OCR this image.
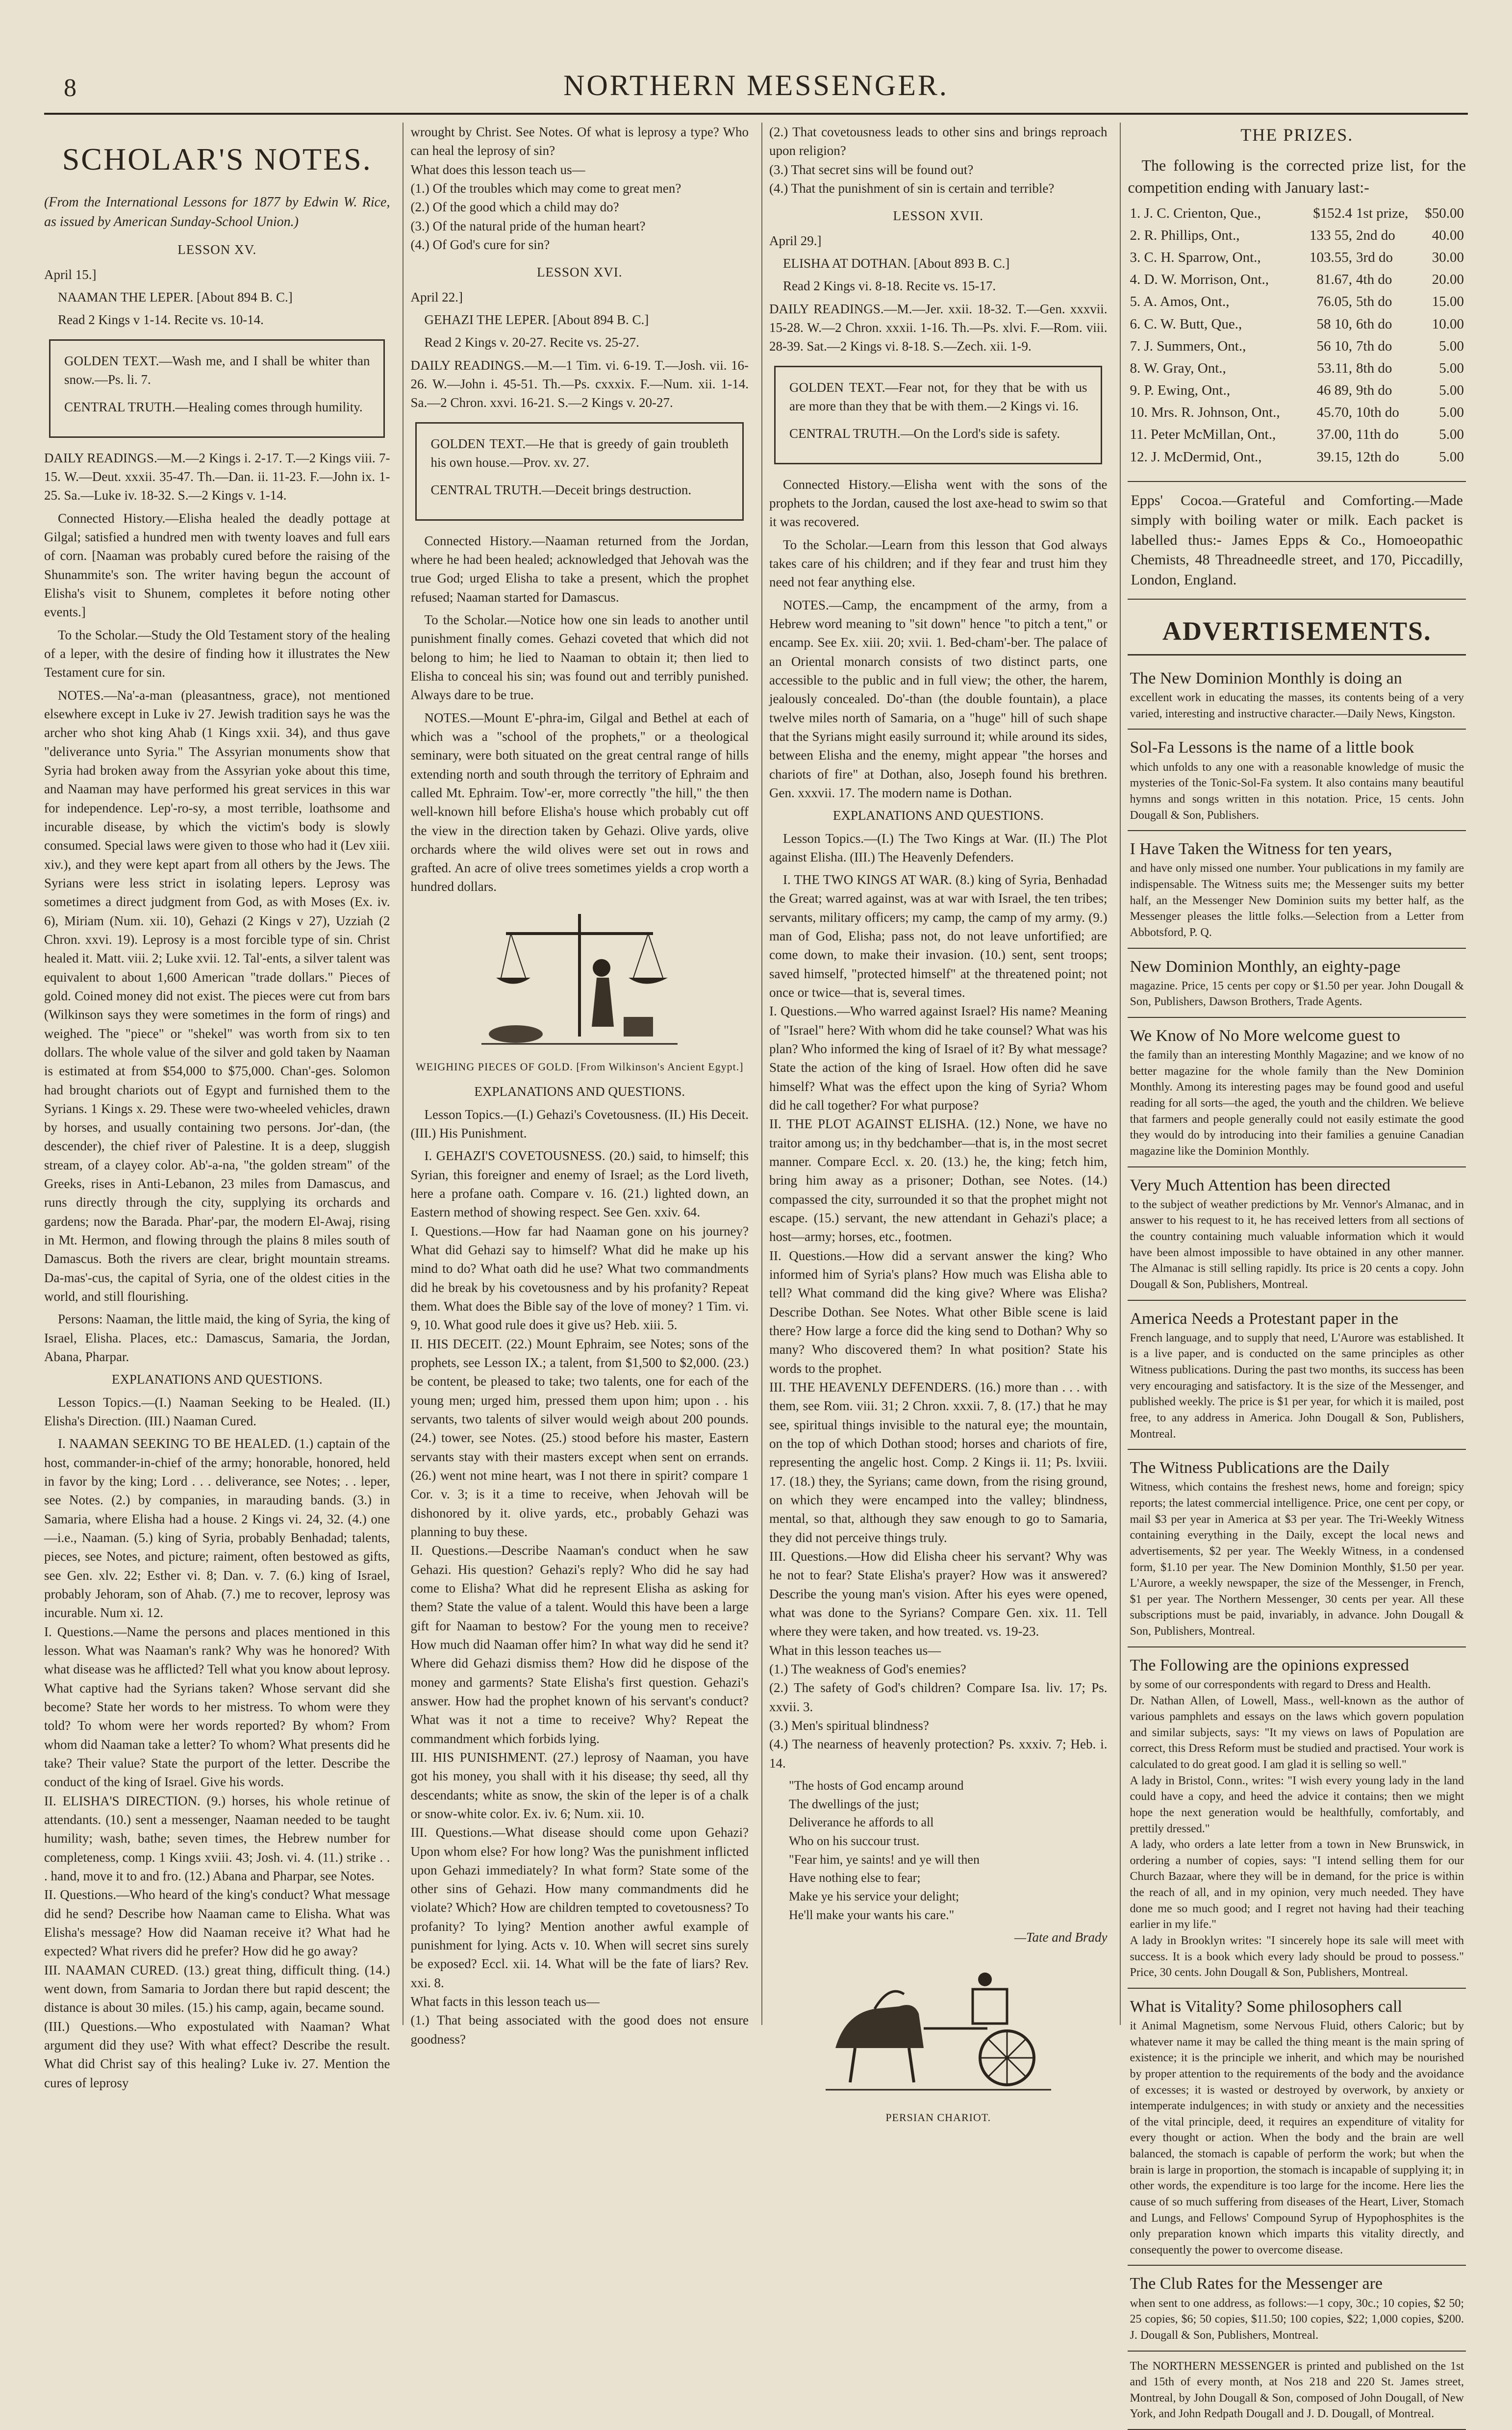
8	NORTHERN MESSENGER.
SCHOLAR'S NOTES.

(From the International Lessons for 1877 by Edwin W. Rice, as issued by American Sunday-School Union.)

LESSON XV.

April 15.]

NAAMAN THE LEPER. [About 894 B. C.]

Read 2 Kings v 1-14. Recite vs. 10-14.

GOLDEN TEXT.—Wash me, and I shall be whiter than snow.—Ps. li. 7.

CENTRAL TRUTH.—Healing comes through humility.

DAILY READINGS.—M.—2 Kings i. 2-17. T.—2 Kings viii. 7-15. W.—Deut. xxxii. 35-47. Th.—Dan. ii. 11-23. F.—John ix. 1-25. Sa.—Luke iv. 18-32. S.—2 Kings v. 1-14.

Connected History.—Elisha healed the deadly pottage at Gilgal; satisfied a hundred men with twenty loaves and full ears of corn. [Naaman was probably cured before the raising of the Shunammite's son. The writer having begun the account of Elisha's visit to Shunem, completes it before noting other events.]

To the Scholar.—Study the Old Testament story of the healing of a leper, with the desire of finding how it illustrates the New Testament cure for sin.

NOTES.—Na'-a-man (pleasantness, grace), not mentioned elsewhere except in Luke iv 27. Jewish tradition says he was the archer who shot king Ahab (1 Kings xxii. 34), and thus gave "deliverance unto Syria." The Assyrian monuments show that Syria had broken away from the Assyrian yoke about this time, and Naaman may have performed his great services in this war for independence. Lep'-ro-sy, a most terrible, loathsome and incurable disease, by which the victim's body is slowly consumed. Special laws were given to those who had it (Lev xiii. xiv.), and they were kept apart from all others by the Jews. The Syrians were less strict in isolating lepers. Leprosy was sometimes a direct judgment from God, as with Moses (Ex. iv. 6), Miriam (Num. xii. 10), Gehazi (2 Kings v 27), Uzziah (2 Chron. xxvi. 19). Leprosy is a most forcible type of sin. Christ healed it. Matt. viii. 2; Luke xvii. 12. Tal'-ents, a silver talent was equivalent to about 1,600 American "trade dollars." Pieces of gold. Coined money did not exist. The pieces were cut from bars (Wilkinson says they were sometimes in the form of rings) and weighed. The "piece" or "shekel" was worth from six to ten dollars. The whole value of the silver and gold taken by Naaman is estimated at from $54,000 to $75,000. Chan'-ges. Solomon had brought chariots out of Egypt and furnished them to the Syrians. 1 Kings x. 29. These were two-wheeled vehicles, drawn by horses, and usually containing two persons. Jor'-dan, (the descender), the chief river of Palestine. It is a deep, sluggish stream, of a clayey color. Ab'-a-na, "the golden stream" of the Greeks, rises in Anti-Lebanon, 23 miles from Damascus, and runs directly through the city, supplying its orchards and gardens; now the Barada. Phar'-par, the modern El-Awaj, rising in Mt. Hermon, and flowing through the plains 8 miles south of Damascus. Both the rivers are clear, bright mountain streams. Da-mas'-cus, the capital of Syria, one of the oldest cities in the world, and still flourishing.

Persons: Naaman, the little maid, the king of Syria, the king of Israel, Elisha. Places, etc.: Damascus, Samaria, the Jordan, Abana, Pharpar.

EXPLANATIONS AND QUESTIONS.

Lesson Topics.—(I.) Naaman Seeking to be Healed. (II.) Elisha's Direction. (III.) Naaman Cured.

I. NAAMAN SEEKING TO BE HEALED. (1.) captain of the host, commander-in-chief of the army; honorable, honored, held in favor by the king; Lord . . . deliverance, see Notes; . . leper, see Notes. (2.) by companies, in marauding bands. (3.) in Samaria, where Elisha had a house. 2 Kings vi. 24, 32. (4.) one—i.e., Naaman. (5.) king of Syria, probably Benhadad; talents, pieces, see Notes, and picture; raiment, often bestowed as gifts, see Gen. xlv. 22; Esther vi. 8; Dan. v. 7. (6.) king of Israel, probably Jehoram, son of Ahab. (7.) me to recover, leprosy was incurable. Num xi. 12.
I. Questions.—Name the persons and places mentioned in this lesson. What was Naaman's rank? Why was he honored? With what disease was he afflicted? Tell what you know about leprosy. What captive had the Syrians taken? Whose servant did she become? State her words to her mistress. To whom were they told? To whom were her words reported? By whom? From whom did Naaman take a letter? To whom? What presents did he take? Their value? State the purport of the letter. Describe the conduct of the king of Israel. Give his words.
II. ELISHA'S DIRECTION. (9.) horses, his whole retinue of attendants. (10.) sent a messenger, Naaman needed to be taught humility; wash, bathe; seven times, the Hebrew number for completeness, comp. 1 Kings xviii. 43; Josh. vi. 4. (11.) strike . . . hand, move it to and fro. (12.) Abana and Pharpar, see Notes.
II. Questions.—Who heard of the king's conduct? What message did he send? Describe how Naaman came to Elisha. What was Elisha's message? How did Naaman receive it? What had he expected? What rivers did he prefer? How did he go away?
III. NAAMAN CURED. (13.) great thing, difficult thing. (14.) went down, from Samaria to Jordan there but rapid descent; the distance is about 30 miles. (15.) his camp, again, became sound.
(III.) Questions.—Who expostulated with Naaman? What argument did they use? With what effect? Describe the result. What did Christ say of this healing? Luke iv. 27. Mention the cures of leprosy

wrought by Christ. See Notes. Of what is leprosy a type? Who can heal the leprosy of sin?
What does this lesson teach us—
(1.) Of the troubles which may come to great men?
(2.) Of the good which a child may do?
(3.) Of the natural pride of the human heart?
(4.) Of God's cure for sin?

LESSON XVI.

April 22.]

GEHAZI THE LEPER. [About 894 B. C.]

Read 2 Kings v. 20-27. Recite vs. 25-27.

DAILY READINGS.—M.—1 Tim. vi. 6-19. T.—Josh. vii. 16-26. W.—John i. 45-51. Th.—Ps. cxxxix. F.—Num. xii. 1-14. Sa.—2 Chron. xxvi. 16-21. S.—2 Kings v. 20-27.

GOLDEN TEXT.—He that is greedy of gain troubleth his own house.—Prov. xv. 27.

CENTRAL TRUTH.—Deceit brings destruction.

Connected History.—Naaman returned from the Jordan, where he had been healed; acknowledged that Jehovah was the true God; urged Elisha to take a present, which the prophet refused; Naaman started for Damascus.

To the Scholar.—Notice how one sin leads to another until punishment finally comes. Gehazi coveted that which did not belong to him; he lied to Naaman to obtain it; then lied to Elisha to conceal his sin; was found out and terribly punished. Always dare to be true.

NOTES.—Mount E'-phra-im, Gilgal and Bethel at each of which was a "school of the prophets," or a theological seminary, were both situated on the great central range of hills extending north and south through the territory of Ephraim and called Mt. Ephraim. Tow'-er, more correctly "the hill," the then well-known hill before Elisha's house which probably cut off the view in the direction taken by Gehazi. Olive yards, olive orchards where the wild olives were set out in rows and grafted. An acre of olive trees sometimes yields a crop worth a hundred dollars.

WEIGHING PIECES OF GOLD. [From Wilkinson's Ancient Egypt.]

EXPLANATIONS AND QUESTIONS.

Lesson Topics.—(I.) Gehazi's Covetousness. (II.) His Deceit. (III.) His Punishment.

I. GEHAZI'S COVETOUSNESS. (20.) said, to himself; this Syrian, this foreigner and enemy of Israel; as the Lord liveth, here a profane oath. Compare v. 16. (21.) lighted down, an Eastern method of showing respect. See Gen. xxiv. 64.
I. Questions.—How far had Naaman gone on his journey? What did Gehazi say to himself? What did he make up his mind to do? What oath did he use? What two commandments did he break by his covetousness and by his profanity? Repeat them. What does the Bible say of the love of money? 1 Tim. vi. 9, 10. What good rule does it give us? Heb. xiii. 5.
II. HIS DECEIT. (22.) Mount Ephraim, see Notes; sons of the prophets, see Lesson IX.; a talent, from $1,500 to $2,000. (23.) be content, be pleased to take; two talents, one for each of the young men; urged him, pressed them upon him; upon . . his servants, two talents of silver would weigh about 200 pounds. (24.) tower, see Notes. (25.) stood before his master, Eastern servants stay with their masters except when sent on errands. (26.) went not mine heart, was I not there in spirit? compare 1 Cor. v. 3; is it a time to receive, when Jehovah will be dishonored by it. olive yards, etc., probably Gehazi was planning to buy these.
II. Questions.—Describe Naaman's conduct when he saw Gehazi. His question? Gehazi's reply? Who did he say had come to Elisha? What did he represent Elisha as asking for them? State the value of a talent. Would this have been a large gift for Naaman to bestow? For the young men to receive? How much did Naaman offer him? In what way did he send it? Where did Gehazi dismiss them? How did he dispose of the money and garments? State Elisha's first question. Gehazi's answer. How had the prophet known of his servant's conduct? What was it not a time to receive? Why? Repeat the commandment which forbids lying.
III. HIS PUNISHMENT. (27.) leprosy of Naaman, you have got his money, you shall with it his disease; thy seed, all thy descendants; white as snow, the skin of the leper is of a chalk or snow-white color. Ex. iv. 6; Num. xii. 10.
III. Questions.—What disease should come upon Gehazi? Upon whom else? For how long? Was the punishment inflicted upon Gehazi immediately? In what form? State some of the other sins of Gehazi. How many commandments did he violate? Which? How are children tempted to covetousness? To profanity? To lying? Mention another awful example of punishment for lying. Acts v. 10. When will secret sins surely be exposed? Eccl. xii. 14. What will be the fate of liars? Rev. xxi. 8.
What facts in this lesson teach us—
(1.) That being associated with the good does not ensure goodness?

(2.) That covetousness leads to other sins and brings reproach upon religion?
(3.) That secret sins will be found out?
(4.) That the punishment of sin is certain and terrible?

LESSON XVII.

April 29.]

ELISHA AT DOTHAN. [About 893 B. C.]

Read 2 Kings vi. 8-18. Recite vs. 15-17.

DAILY READINGS.—M.—Jer. xxii. 18-32. T.—Gen. xxxvii. 15-28. W.—2 Chron. xxxii. 1-16. Th.—Ps. xlvi. F.—Rom. viii. 28-39. Sat.—2 Kings vi. 8-18. S.—Zech. xii. 1-9.

GOLDEN TEXT.—Fear not, for they that be with us are more than they that be with them.—2 Kings vi. 16.

CENTRAL TRUTH.—On the Lord's side is safety.

Connected History.—Elisha went with the sons of the prophets to the Jordan, caused the lost axe-head to swim so that it was recovered.

To the Scholar.—Learn from this lesson that God always takes care of his children; and if they fear and trust him they need not fear anything else.

NOTES.—Camp, the encampment of the army, from a Hebrew word meaning to "sit down" hence "to pitch a tent," or encamp. See Ex. xiii. 20; xvii. 1. Bed-cham'-ber. The palace of an Oriental monarch consists of two distinct parts, one accessible to the public and in full view; the other, the harem, jealously concealed. Do'-than (the double fountain), a place twelve miles north of Samaria, on a "huge" hill of such shape that the Syrians might easily surround it; while around its sides, between Elisha and the enemy, might appear "the horses and chariots of fire" at Dothan, also, Joseph found his brethren. Gen. xxxvii. 17. The modern name is Dothan.

EXPLANATIONS AND QUESTIONS.

Lesson Topics.—(I.) The Two Kings at War. (II.) The Plot against Elisha. (III.) The Heavenly Defenders.

I. THE TWO KINGS AT WAR. (8.) king of Syria, Benhadad the Great; warred against, was at war with Israel, the ten tribes; servants, military officers; my camp, the camp of my army. (9.) man of God, Elisha; pass not, do not leave unfortified; are come down, to make their invasion. (10.) sent, sent troops; saved himself, "protected himself" at the threatened point; not once or twice—that is, several times.
I. Questions.—Who warred against Israel? His name? Meaning of "Israel" here? With whom did he take counsel? What was his plan? Who informed the king of Israel of it? By what message? State the action of the king of Israel. How often did he save himself? What was the effect upon the king of Syria? Whom did he call together? For what purpose?
II. THE PLOT AGAINST ELISHA. (12.) None, we have no traitor among us; in thy bedchamber—that is, in the most secret manner. Compare Eccl. x. 20. (13.) he, the king; fetch him, bring him away as a prisoner; Dothan, see Notes. (14.) compassed the city, surrounded it so that the prophet might not escape. (15.) servant, the new attendant in Gehazi's place; a host—army; horses, etc., footmen.
II. Questions.—How did a servant answer the king? Who informed him of Syria's plans? How much was Elisha able to tell? What command did the king give? Where was Elisha? Describe Dothan. See Notes. What other Bible scene is laid there? How large a force did the king send to Dothan? Why so many? Who discovered them? In what position? State his words to the prophet.
III. THE HEAVENLY DEFENDERS. (16.) more than . . . with them, see Rom. viii. 31; 2 Chron. xxxii. 7, 8. (17.) that he may see, spiritual things invisible to the natural eye; the mountain, on the top of which Dothan stood; horses and chariots of fire, representing the angelic host. Comp. 2 Kings ii. 11; Ps. lxviii. 17. (18.) they, the Syrians; came down, from the rising ground, on which they were encamped into the valley; blindness, mental, so that, although they saw enough to go to Samaria, they did not perceive things truly.
III. Questions.—How did Elisha cheer his servant? Why was he not to fear? State Elisha's prayer? How was it answered? Describe the young man's vision. After his eyes were opened, what was done to the Syrians? Compare Gen. xix. 11. Tell where they were taken, and how treated. vs. 19-23.
What in this lesson teaches us—
(1.) The weakness of God's enemies?
(2.) The safety of God's children? Compare Isa. liv. 17; Ps. xxvii. 3.
(3.) Men's spiritual blindness?
(4.) The nearness of heavenly protection? Ps. xxxiv. 7; Heb. i. 14.

"The hosts of God encamp around
The dwellings of the just;
Deliverance he affords to all
Who on his succour trust.
"Fear him, ye saints! and ye will then
Have nothing else to fear;
Make ye his service your delight;
He'll make your wants his care."

—Tate and Brady

PERSIAN CHARIOT.
THE PRIZES.

The following is the corrected prize list, for the competition ending with January last:-

1. J. C. Crienton, Que.,	$152.4	1st prize,	$50.00
2. R. Phillips, Ont.,	133 55,	2nd do	40.00
3. C. H. Sparrow, Ont.,	103.55,	3rd do	30.00
4. D. W. Morrison, Ont.,	81.67,	4th do	20.00
5. A. Amos, Ont.,	76.05,	5th do	15.00
6. C. W. Butt, Que.,	58 10,	6th do	10.00
7. J. Summers, Ont.,	56 10,	7th do	5.00
8. W. Gray, Ont.,	53.11,	8th do	5.00
9. P. Ewing, Ont.,	46 89,	9th do	5.00
10. Mrs. R. Johnson, Ont.,	45.70,	10th do	5.00
11. Peter McMillan, Ont.,	37.00,	11th do	5.00
12. J. McDermid, Ont.,	39.15,	12th do	5.00
Epps' Cocoa.—Grateful and Comforting.—Made simply with boiling water or milk. Each packet is labelled thus:- James Epps & Co., Homoeopathic Chemists, 48 Threadneedle street, and 170, Piccadilly, London, England.
ADVERTISEMENTS.

The New Dominion Monthly is doing an

excellent work in educating the masses, its contents being of a very varied, interesting and instructive character.—Daily News, Kingston.

Sol-Fa Lessons is the name of a little book

which unfolds to any one with a reasonable knowledge of music the mysteries of the Tonic-Sol-Fa system. It also contains many beautiful hymns and songs written in this notation. Price, 15 cents. John Dougall & Son, Publishers.

I Have Taken the Witness for ten years,

and have only missed one number. Your publications in my family are indispensable. The Witness suits me; the Messenger suits my better half, an the Messenger New Dominion suits my better half, as the Messenger pleases the little folks.—Selection from a Letter from Abbotsford, P. Q.

New Dominion Monthly, an eighty-page

magazine. Price, 15 cents per copy or $1.50 per year. John Dougall & Son, Publishers, Dawson Brothers, Trade Agents.

We Know of No More welcome guest to

the family than an interesting Monthly Magazine; and we know of no better magazine for the whole family than the New Dominion Monthly. Among its interesting pages may be found good and useful reading for all sorts—the aged, the youth and the children. We believe that farmers and people generally could not easily estimate the good they would do by introducing into their families a genuine Canadian magazine like the Dominion Monthly.

Very Much Attention has been directed

to the subject of weather predictions by Mr. Vennor's Almanac, and in answer to his request to it, he has received letters from all sections of the country containing much valuable information which it would have been almost impossible to have obtained in any other manner. The Almanac is still selling rapidly. Its price is 20 cents a copy. John Dougall & Son, Publishers, Montreal.

America Needs a Protestant paper in the

French language, and to supply that need, L'Aurore was established. It is a live paper, and is conducted on the same principles as other Witness publications. During the past two months, its success has been very encouraging and satisfactory. It is the size of the Messenger, and published weekly. The price is $1 per year, for which it is mailed, post free, to any address in America. John Dougall & Son, Publishers, Montreal.

The Witness Publications are the Daily

Witness, which contains the freshest news, home and foreign; spicy reports; the latest commercial intelligence. Price, one cent per copy, or mail $3 per year in America at $3 per year. The Tri-Weekly Witness containing everything in the Daily, except the local news and advertisements, $2 per year. The Weekly Witness, in a condensed form, $1.10 per year. The New Dominion Monthly, $1.50 per year. L'Aurore, a weekly newspaper, the size of the Messenger, in French, $1 per year. The Northern Messenger, 30 cents per year. All these subscriptions must be paid, invariably, in advance. John Dougall & Son, Publishers, Montreal.

The Following are the opinions expressed

by some of our correspondents with regard to Dress and Health.
Dr. Nathan Allen, of Lowell, Mass., well-known as the author of various pamphlets and essays on the laws which govern population and similar subjects, says: "It my views on laws of Population are correct, this Dress Reform must be studied and practised. Your work is calculated to do great good. I am glad it is selling so well."
A lady in Bristol, Conn., writes: "I wish every young lady in the land could have a copy, and heed the advice it contains; then we might hope the next generation would be healthfully, comfortably, and prettily dressed."
A lady, who orders a late letter from a town in New Brunswick, in ordering a number of copies, says: "I intend selling them for our Church Bazaar, where they will be in demand, for the price is within the reach of all, and in my opinion, very much needed. They have done me so much good; and I regret not having had their teaching earlier in my life."
A lady in Brooklyn writes: "I sincerely hope its sale will meet with success. It is a book which every lady should be proud to possess." Price, 30 cents. John Dougall & Son, Publishers, Montreal.

What is Vitality? Some philosophers call

it Animal Magnetism, some Nervous Fluid, others Caloric; but by whatever name it may be called the thing meant is the main spring of existence; it is the principle we inherit, and which may be nourished by proper attention to the requirements of the body and the avoidance of excesses; it is wasted or destroyed by overwork, by anxiety or intemperate indulgences; in with study or anxiety and the necessities of the vital principle, deed, it requires an expenditure of vitality for every thought or action. When the body and the brain are well balanced, the stomach is capable of perform the work; but when the brain is large in proportion, the stomach is incapable of supplying it; in other words, the expenditure is too large for the income. Here lies the cause of so much suffering from diseases of the Heart, Liver, Stomach and Lungs, and Fellows' Compound Syrup of Hypophosphites is the only preparation known which imparts this vitality directly, and consequently the power to overcome disease.

The Club Rates for the Messenger are

when sent to one address, as follows:—1 copy, 30c.; 10 copies, $2 50; 25 copies, $6; 50 copies, $11.50; 100 copies, $22; 1,000 copies, $200. J. Dougall & Son, Publishers, Montreal.

The NORTHERN MESSENGER is printed and published on the 1st and 15th of every month, at Nos 218 and 220 St. James street, Montreal, by John Dougall & Son, composed of John Dougall, of New York, and John Redpath Dougall and J. D. Dougall, of Montreal.
